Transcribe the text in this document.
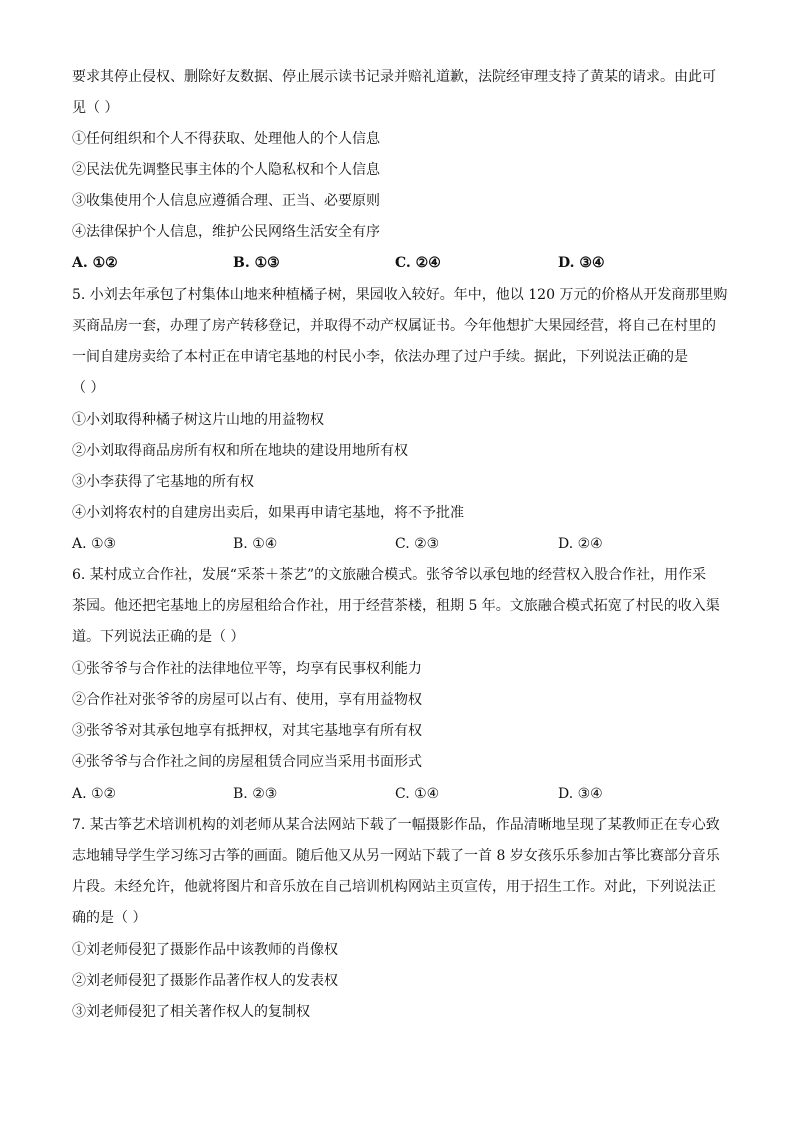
要求其停止侵权、删除好友数据、停止展示读书记录并赔礼道歉，法院经审理支持了黄某的请求。由此可
见（ ）
①任何组织和个人不得获取、处理他人的个人信息
②民法优先调整民事主体的个人隐私权和个人信息
③收集使用个人信息应遵循合理、正当、必要原则
④法律保护个人信息，维护公民网络生活安全有序
A. ①②	B. ①③	C. ②④	D. ③④
5. 小刘去年承包了村集体山地来种植橘子树，果园收入较好。年中，他以 120 万元的价格从开发商那里购
买商品房一套，办理了房产转移登记，并取得不动产权属证书。今年他想扩大果园经营，将自己在村里的
一间自建房卖给了本村正在申请宅基地的村民小李，依法办理了过户手续。据此，下列说法正确的是
（ ）
①小刘取得种橘子树这片山地的用益物权
②小刘取得商品房所有权和所在地块的建设用地所有权
③小李获得了宅基地的所有权
④小刘将农村的自建房出卖后，如果再申请宅基地，将不予批准
A. ①③	B. ①④	C. ②③	D. ②④
6. 某村成立合作社，发展“采茶＋茶艺”的文旅融合模式。张爷爷以承包地的经营权入股合作社，用作采
茶园。他还把宅基地上的房屋租给合作社，用于经营茶楼，租期 5 年。文旅融合模式拓宽了村民的收入渠
道。下列说法正确的是（ ）
①张爷爷与合作社的法律地位平等，均享有民事权利能力
②合作社对张爷爷的房屋可以占有、使用，享有用益物权
③张爷爷对其承包地享有抵押权，对其宅基地享有所有权
④张爷爷与合作社之间的房屋租赁合同应当采用书面形式
A. ①②	B. ②③	C. ①④	D. ③④
7. 某古筝艺术培训机构的刘老师从某合法网站下载了一幅摄影作品，作品清晰地呈现了某教师正在专心致
志地辅导学生学习练习古筝的画面。随后他又从另一网站下载了一首 8 岁女孩乐乐参加古筝比赛部分音乐
片段。未经允许，他就将图片和音乐放在自己培训机构网站主页宣传，用于招生工作。对此，下列说法正
确的是（ ）
①刘老师侵犯了摄影作品中该教师的肖像权
②刘老师侵犯了摄影作品著作权人的发表权
③刘老师侵犯了相关著作权人的复制权
